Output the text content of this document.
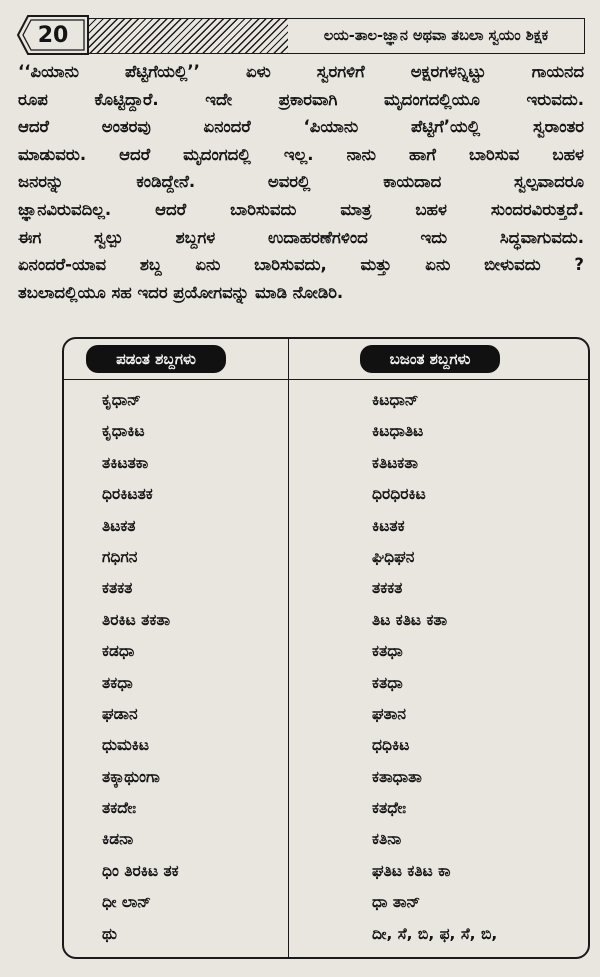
20	ಲಯ-ತಾಲ-ಜ್ಞಾನ ಅಥವಾ ತಬಲಾ ಸ್ವಯಂ ಶಿಕ್ಷಕ
‘‘ಪಿಯಾನು ಪೆಟ್ಟಿಗೆಯಲ್ಲಿ’’ ಏಳು ಸ್ವರಗಳಿಗೆ ಅಕ್ಷರಗಳನ್ನಿಟ್ಟು ಗಾಯನದ
ರೂಪ ಕೊಟ್ಟಿದ್ದಾರೆ. ಇದೇ ಪ್ರಕಾರವಾಗಿ ಮೃದಂಗದಲ್ಲಿಯೂ ಇರುವದು.
ಆದರೆ ಅಂತರವು ಏನಂದರೆ ‘ಪಿಯಾನು ಪೆಟ್ಟಿಗೆ’ಯಲ್ಲಿ ಸ್ವರಾಂತರ
ಮಾಡುವರು. ಆದರೆ ಮೃದಂಗದಲ್ಲಿ ಇಲ್ಲ. ನಾನು ಹಾಗೆ ಬಾರಿಸುವ ಬಹಳ
ಜನರನ್ನು ಕಂಡಿದ್ದೇನೆ. ಅವರಲ್ಲಿ ಕಾಯದಾದ ಸ್ವಲ್ಪವಾದರೂ
ಜ್ಞಾನವಿರುವದಿಲ್ಲ. ಆದರೆ ಬಾರಿಸುವದು ಮಾತ್ರ ಬಹಳ ಸುಂದರವಿರುತ್ತದೆ.
ಈಗ ಸ್ವಲ್ಪು ಶಬ್ದಗಳ ಉದಾಹರಣೆಗಳಿಂದ ಇದು ಸಿದ್ಧವಾಗುವದು.
ಏನಂದರೆ-ಯಾವ ಶಬ್ದ ಏನು ಬಾರಿಸುವದು, ಮತ್ತು ಏನು ಬೀಳುವದು ?
ತಬಲಾದಲ್ಲಿಯೂ ಸಹ ಇದರ ಪ್ರಯೋಗವನ್ನು ಮಾಡಿ ನೋಡಿರಿ.
ಪಡಂತ ಶಬ್ದಗಳು	ಬಜಂತ ಶಬ್ದಗಳು
ಕೃಧಾನ್	ಕಿಟಧಾನ್
ಕೃಧಾಕಿಟ	ಕಿಟಧಾತಿಟ
ತಕಿಟತಕಾ	ಕತಿಟಕತಾ
ಧಿರಕಿಟತಕ	ಧಿರಧಿರಕಿಟ
ತಿಟಕತ	ಕಿಟತಕ
ಗಧಿಗನ	ಘಿಧಿಘನ
ಕತಕತ	ತಕಕತ
ತಿರಕಿಟ ತಕತಾ	ತಿಟ ಕತಿಟ ಕತಾ
ಕಡಧಾ	ಕತಧಾ
ತಕಧಾ	ಕತಧಾ
ಘಡಾನ	ಘತಾನ
ಧುಮಕಿಟ	ಧಧಿಕಿಟ
ತಕ್ಕಾಥುಂಗಾ	ಕತಾಧಾತಾ
ತಕದೇಃ	ಕತಧೇಃ
ಕಿಡನಾ	ಕತಿನಾ
ಧಿಂ ತಿರಕಿಟ ತಕ	ಘತಿಟ ಕತಿಟ ಕಾ
ಧೀ ಲಾನ್	ಧಾ ತಾನ್
ಥು	ದೀ, ಸೆ, ಬಿ, ಫ, ಸೆ, ಬಿ,
